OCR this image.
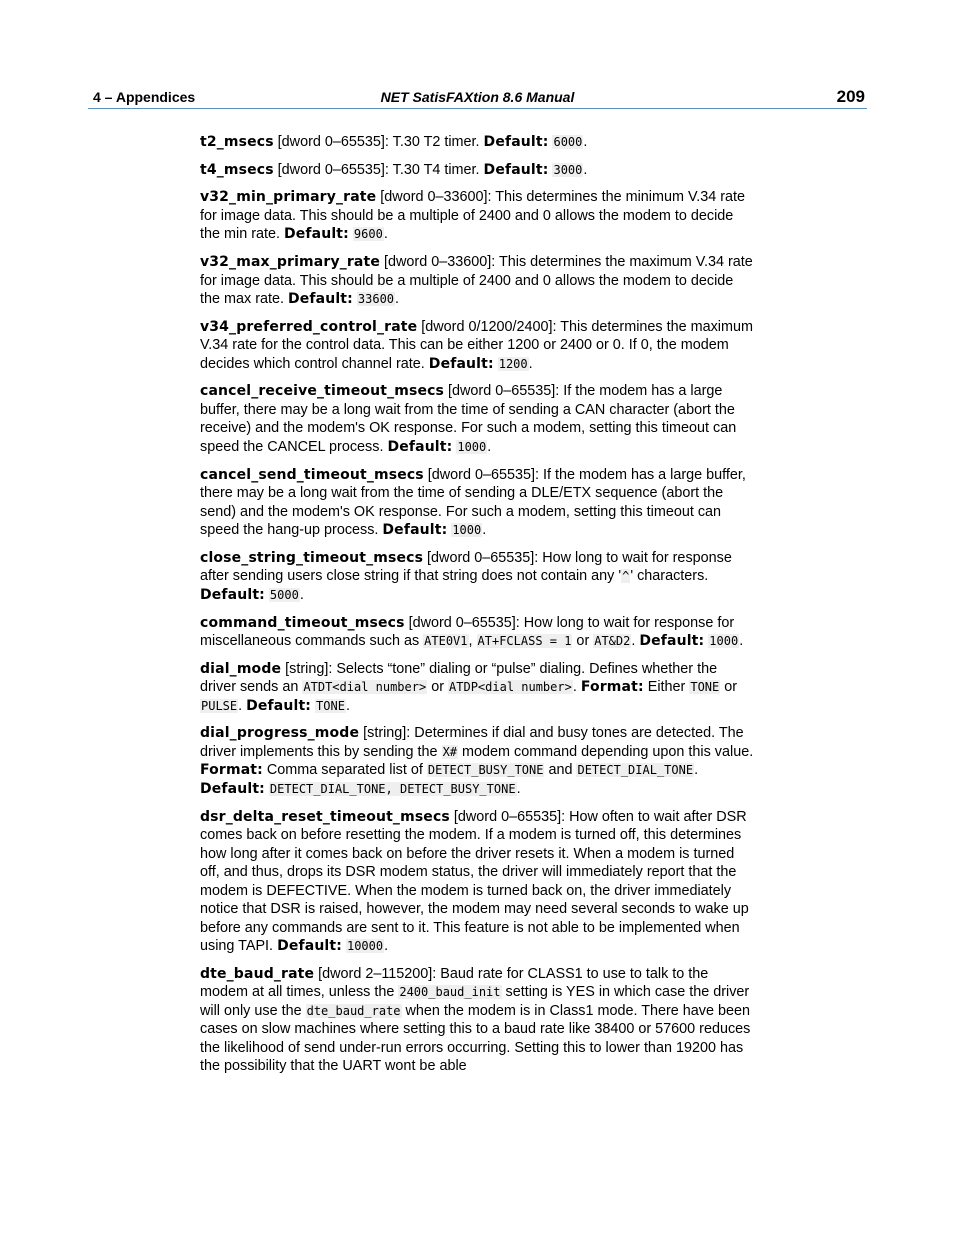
4 – Appendices	NET SatisFAXtion 8.6 Manual	209

t2_msecs [dword 0–65535]: T.30 T2 timer. Default: 6000.

t4_msecs [dword 0–65535]: T.30 T4 timer. Default: 3000.

v32_min_primary_rate [dword 0–33600]: This determines the minimum V.34 rate for image data. This should be a multiple of 2400 and 0 allows the modem to decide the min rate. Default: 9600.

v32_max_primary_rate [dword 0–33600]: This determines the maximum V.34 rate for image data. This should be a multiple of 2400 and 0 allows the modem to decide the max rate. Default: 33600.

v34_preferred_control_rate [dword 0/1200/2400]: This determines the maximum V.34 rate for the control data. This can be either 1200 or 2400 or 0. If 0, the modem decides which control channel rate. Default: 1200.

cancel_receive_timeout_msecs [dword 0–65535]: If the modem has a large buffer, there may be a long wait from the time of sending a CAN character (abort the receive) and the modem's OK response. For such a modem, setting this timeout can speed the CANCEL process. Default: 1000.

cancel_send_timeout_msecs [dword 0–65535]: If the modem has a large buffer, there may be a long wait from the time of sending a DLE/ETX sequence (abort the send) and the modem's OK response. For such a modem, setting this timeout can speed the hang-up process. Default: 1000.

close_string_timeout_msecs [dword 0–65535]: How long to wait for response after sending users close string if that string does not contain any '^' characters. Default: 5000.

command_timeout_msecs [dword 0–65535]: How long to wait for response for miscellaneous commands such as ATE0V1, AT+FCLASS = 1 or AT&D2. Default: 1000.

dial_mode [string]: Selects “tone” dialing or “pulse” dialing. Defines whether the driver sends an ATDT<dial number> or ATDP<dial number>. Format: Either TONE or PULSE. Default: TONE.

dial_progress_mode [string]: Determines if dial and busy tones are detected. The driver implements this by sending the X# modem command depending upon this value. Format: Comma separated list of DETECT_BUSY_TONE and DETECT_DIAL_TONE. Default: DETECT_DIAL_TONE, DETECT_BUSY_TONE.

dsr_delta_reset_timeout_msecs [dword 0–65535]: How often to wait after DSR comes back on before resetting the modem. If a modem is turned off, this determines how long after it comes back on before the driver resets it. When a modem is turned off, and thus, drops its DSR modem status, the driver will immediately report that the modem is DEFECTIVE. When the modem is turned back on, the driver immediately notice that DSR is raised, however, the modem may need several seconds to wake up before any commands are sent to it. This feature is not able to be implemented when using TAPI. Default: 10000.

dte_baud_rate [dword 2–115200]: Baud rate for CLASS1 to use to talk to the modem at all times, unless the 2400_baud_init setting is YES in which case the driver will only use the dte_baud_rate when the modem is in Class1 mode. There have been cases on slow machines where setting this to a baud rate like 38400 or 57600 reduces the likelihood of send under-run errors occurring. Setting this to lower than 19200 has the possibility that the UART wont be able
